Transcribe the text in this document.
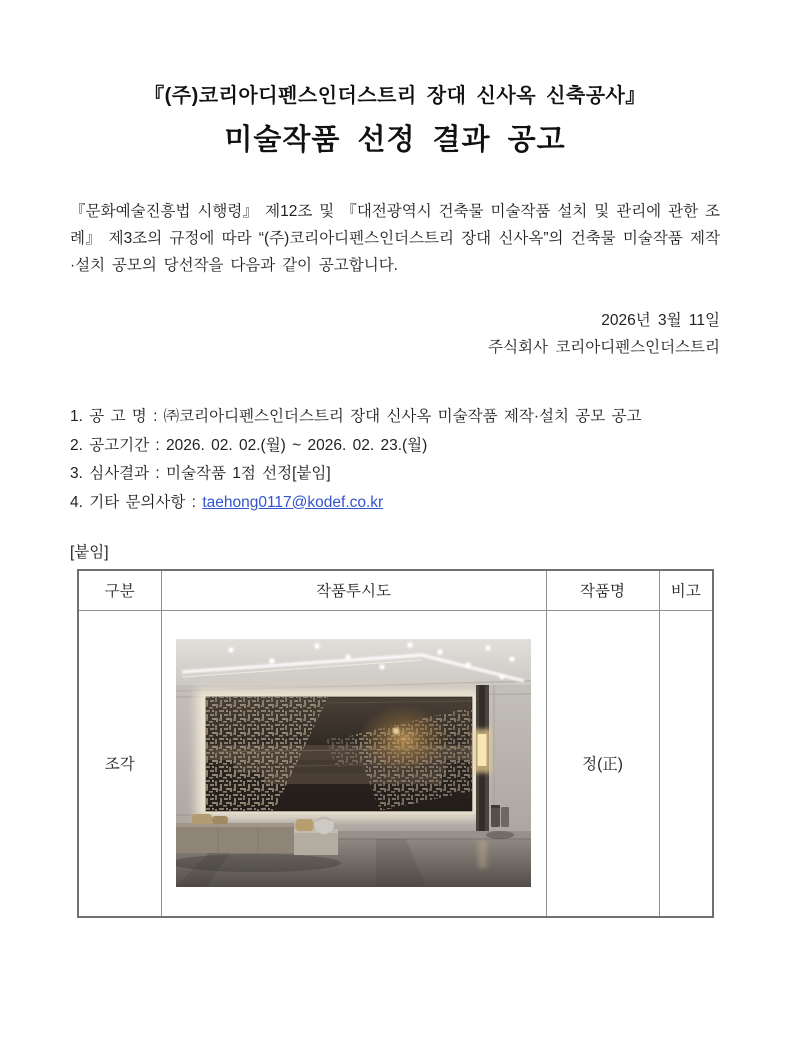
『(주)코리아디펜스인더스트리 장대 신사옥 신축공사』
미술작품 선정 결과 공고

『문화예술진흥법 시행령』 제12조 및 『대전광역시 건축물 미술작품 설치 및 관리에 관한 조례』 제3조의 규정에 따라 “(주)코리아디펜스인더스트리 장대 신사옥”의 건축물 미술작품 제작·설치 공모의 당선작을 다음과 같이 공고합니다.

2026년 3월 11일
주식회사 코리아디펜스인더스트리
1. 공 고 명 : ㈜코리아디펜스인더스트리 장대 신사옥 미술작품 제작·설치 공모 공고
2. 공고기간 : 2026. 02. 02.(월) ~ 2026. 02. 23.(월)
3. 심사결과 : 미술작품 1점 선정[붙임]
4. 기타 문의사항 : taehong0117@kodef.co.kr
[붙임]
구분	작품투시도	작품명	비고
조각		정(正)	
